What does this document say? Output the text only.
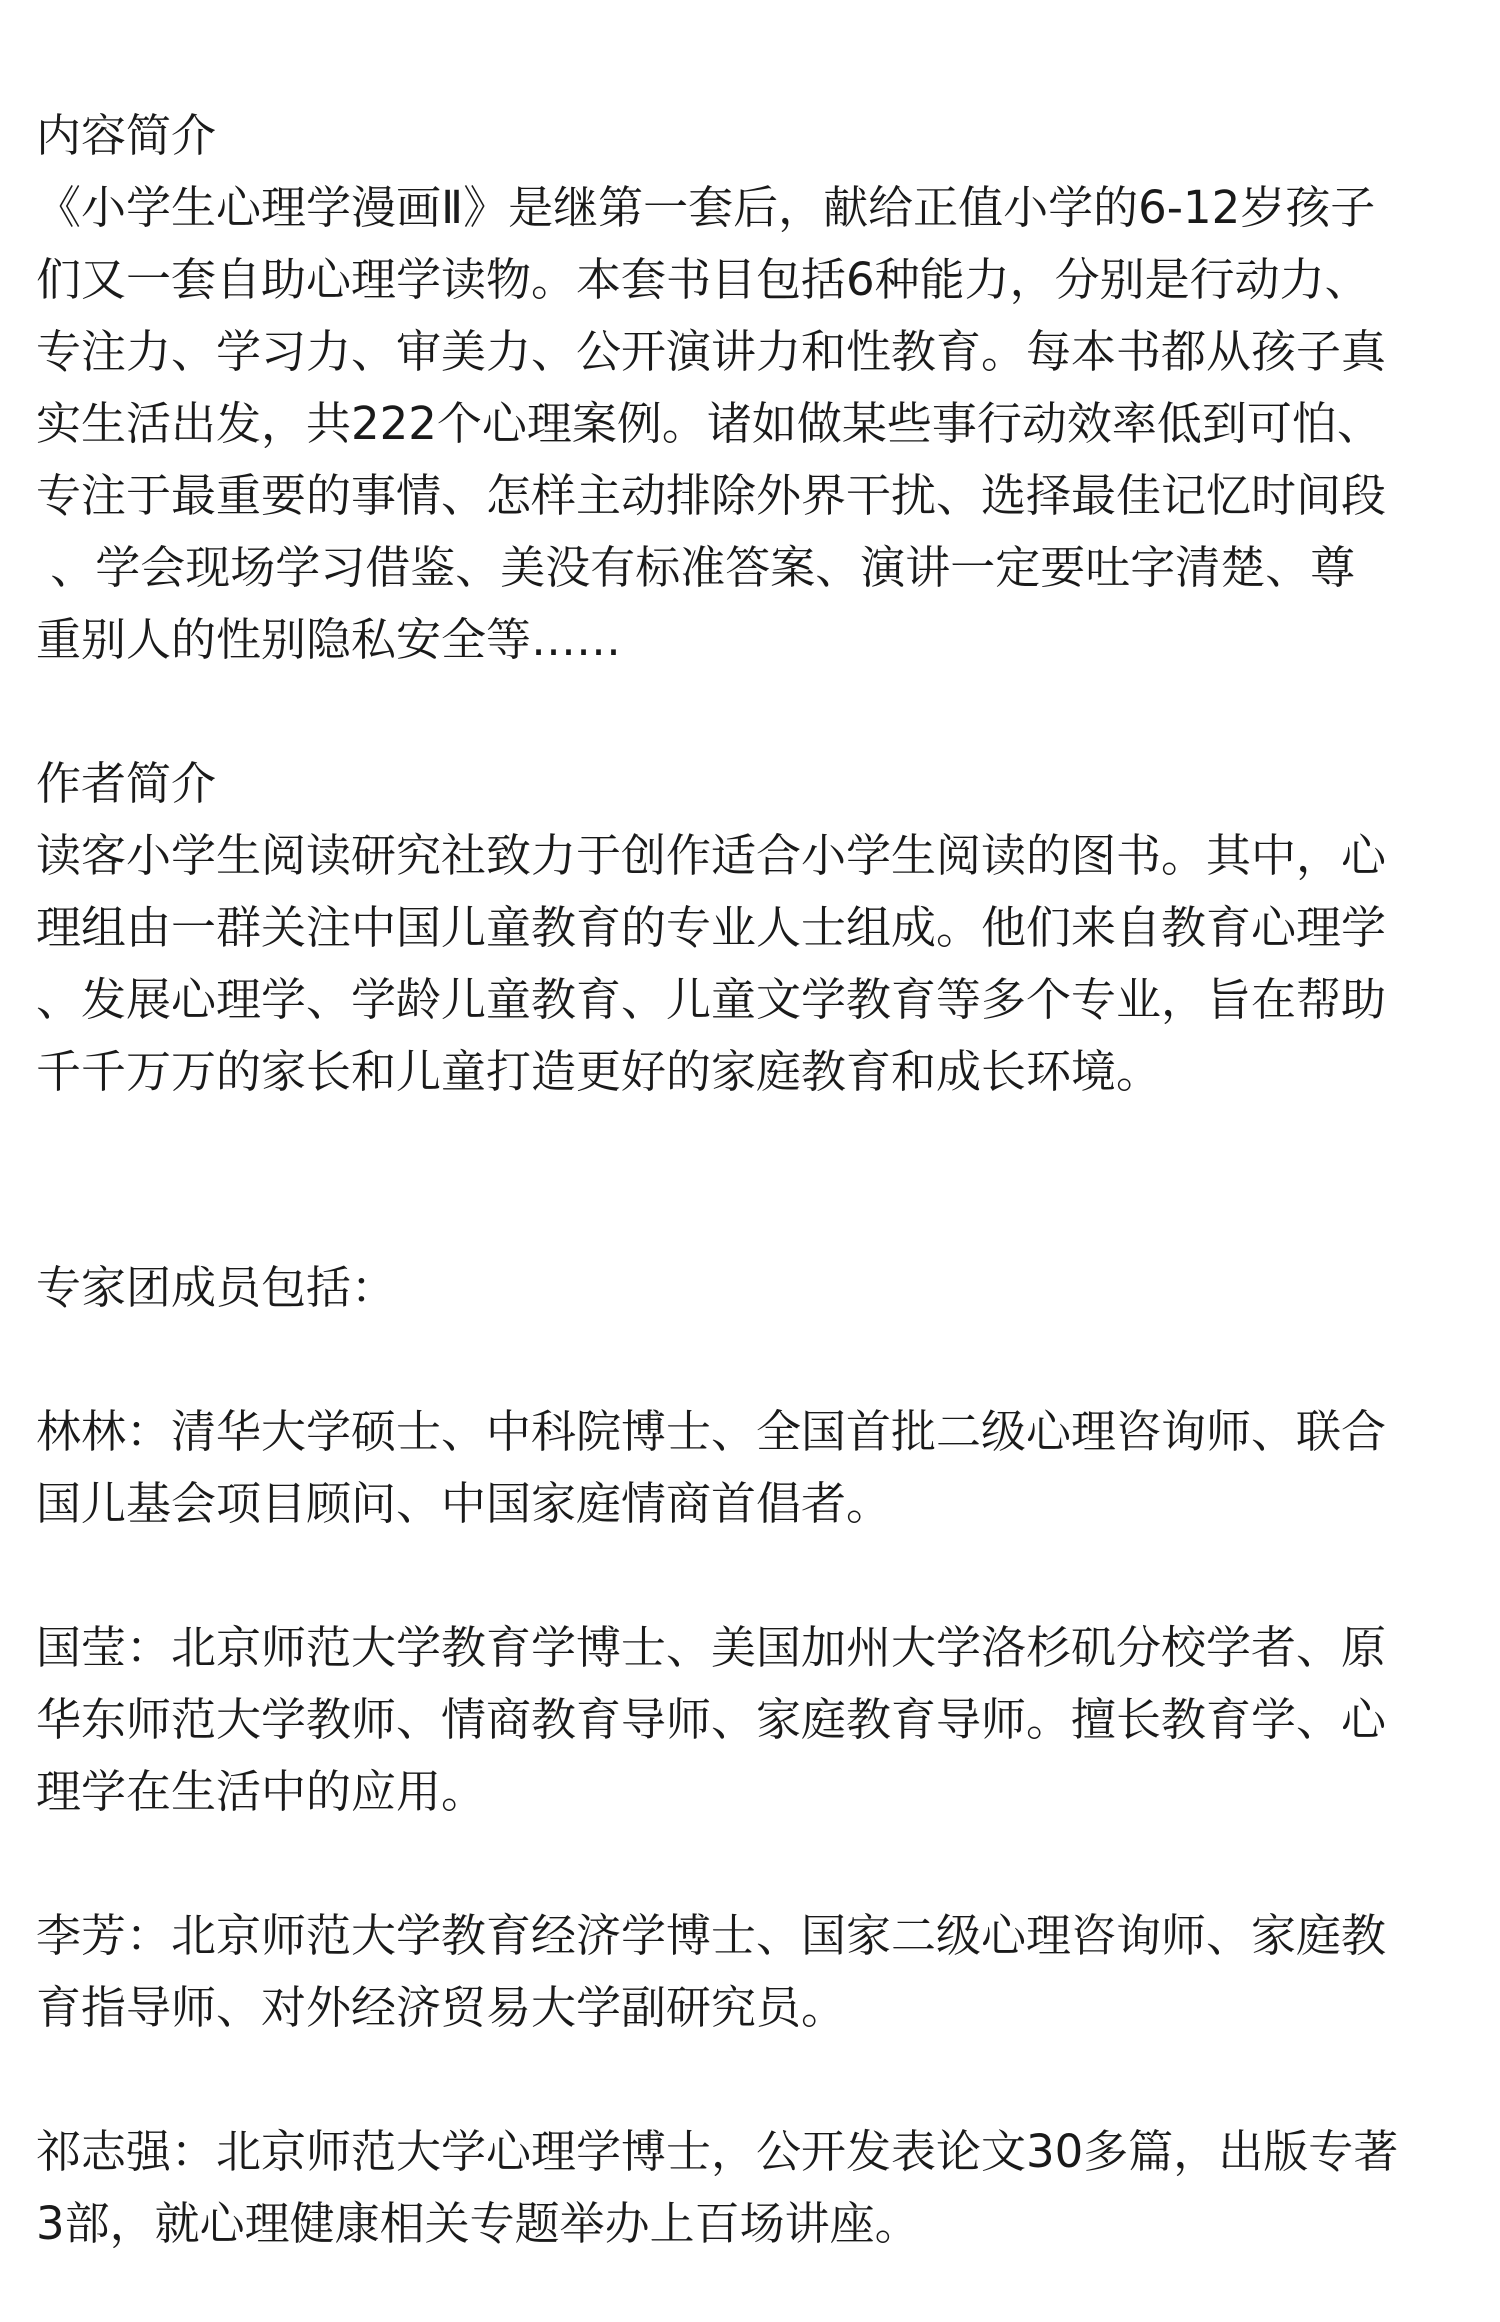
内容简介

《小学生心理学漫画Ⅱ》是继第一套后，献给正值小学的6-12岁孩子

们又一套自助心理学读物。本套书目包括6种能力，分别是行动力、

专注力、学习力、审美力、公开演讲力和性教育。每本书都从孩子真

实生活出发，共222个心理案例。诸如做某些事行动效率低到可怕、

专注于最重要的事情、怎样主动排除外界干扰、选择最佳记忆时间段

、学会现场学习借鉴、美没有标准答案、演讲一定要吐字清楚、尊

重别人的性别隐私安全等……

作者简介

读客小学生阅读研究社致力于创作适合小学生阅读的图书。其中，心

理组由一群关注中国儿童教育的专业人士组成。他们来自教育心理学

、发展心理学、学龄儿童教育、儿童文学教育等多个专业，旨在帮助

千千万万的家长和儿童打造更好的家庭教育和成长环境。

专家团成员包括：

林林：清华大学硕士、中科院博士、全国首批二级心理咨询师、联合

国儿基会项目顾问、中国家庭情商首倡者。

国莹：北京师范大学教育学博士、美国加州大学洛杉矶分校学者、原

华东师范大学教师、情商教育导师、家庭教育导师。擅长教育学、心

理学在生活中的应用。

李芳：北京师范大学教育经济学博士、国家二级心理咨询师、家庭教

育指导师、对外经济贸易大学副研究员。

祁志强：北京师范大学心理学博士，公开发表论文30多篇，出版专著

3部，就心理健康相关专题举办上百场讲座。
